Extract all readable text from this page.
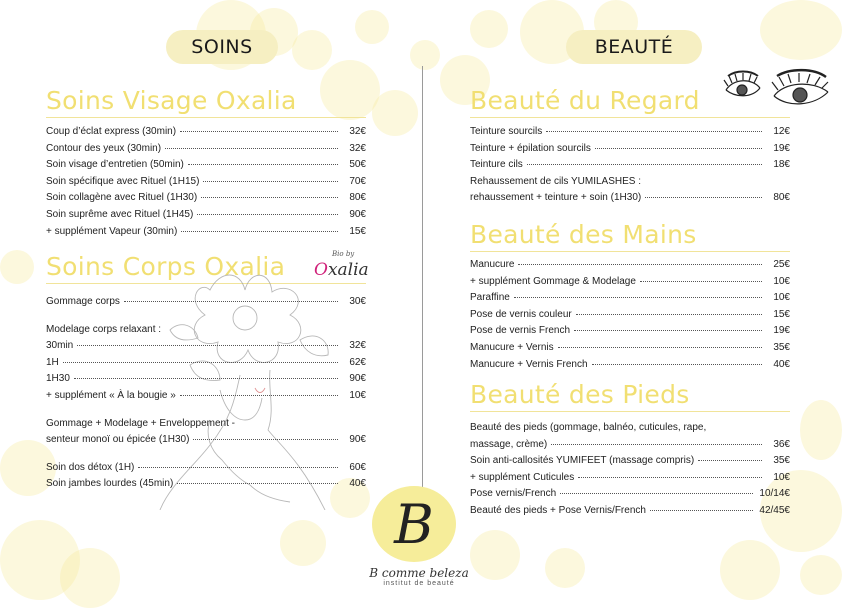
SOINS	BEAUTÉ
Soins Visage Oxalia
Coup d’éclat express (30min)	32€
Contour des yeux (30min)	32€
Soin visage d’entretien (50min)	50€
Soin spécifique avec Rituel (1H15)	70€
Soin collagène avec Rituel (1H30)	80€
Soin suprême avec Rituel (1H45)	90€
+ supplément Vapeur (30min)	15€
Soins Corps Oxalia	Bio by
Oxalia
Gommage corps	30€
Modelage corps relaxant :
30min	32€
1H	62€
1H30	90€
+ supplément « À la bougie »	10€
Gommage + Modelage + Enveloppement -
senteur monoï ou épicée (1H30)	90€
Soin dos détox (1H)	60€
Soin jambes lourdes (45min)	40€
Beauté du Regard
Teinture sourcils	12€
Teinture + épilation sourcils	19€
Teinture cils	18€
Rehaussement de cils YUMILASHES :
rehaussement + teinture + soin (1H30)	80€
Beauté des Mains
Manucure	25€
+ supplément Gommage & Modelage	10€
Paraffine	10€
Pose de vernis couleur	15€
Pose de vernis French	19€
Manucure + Vernis	35€
Manucure + Vernis French	40€
Beauté des Pieds
Beauté des pieds (gommage, balnéo, cuticules, rape,
massage, crème)	36€
Soin anti-callosités YUMIFEET (massage compris)	35€
+ supplément Cuticules	10€
Pose vernis/French	10/14€
Beauté des pieds + Pose Vernis/French	42/45€
B
B comme beleza
institut de beauté
